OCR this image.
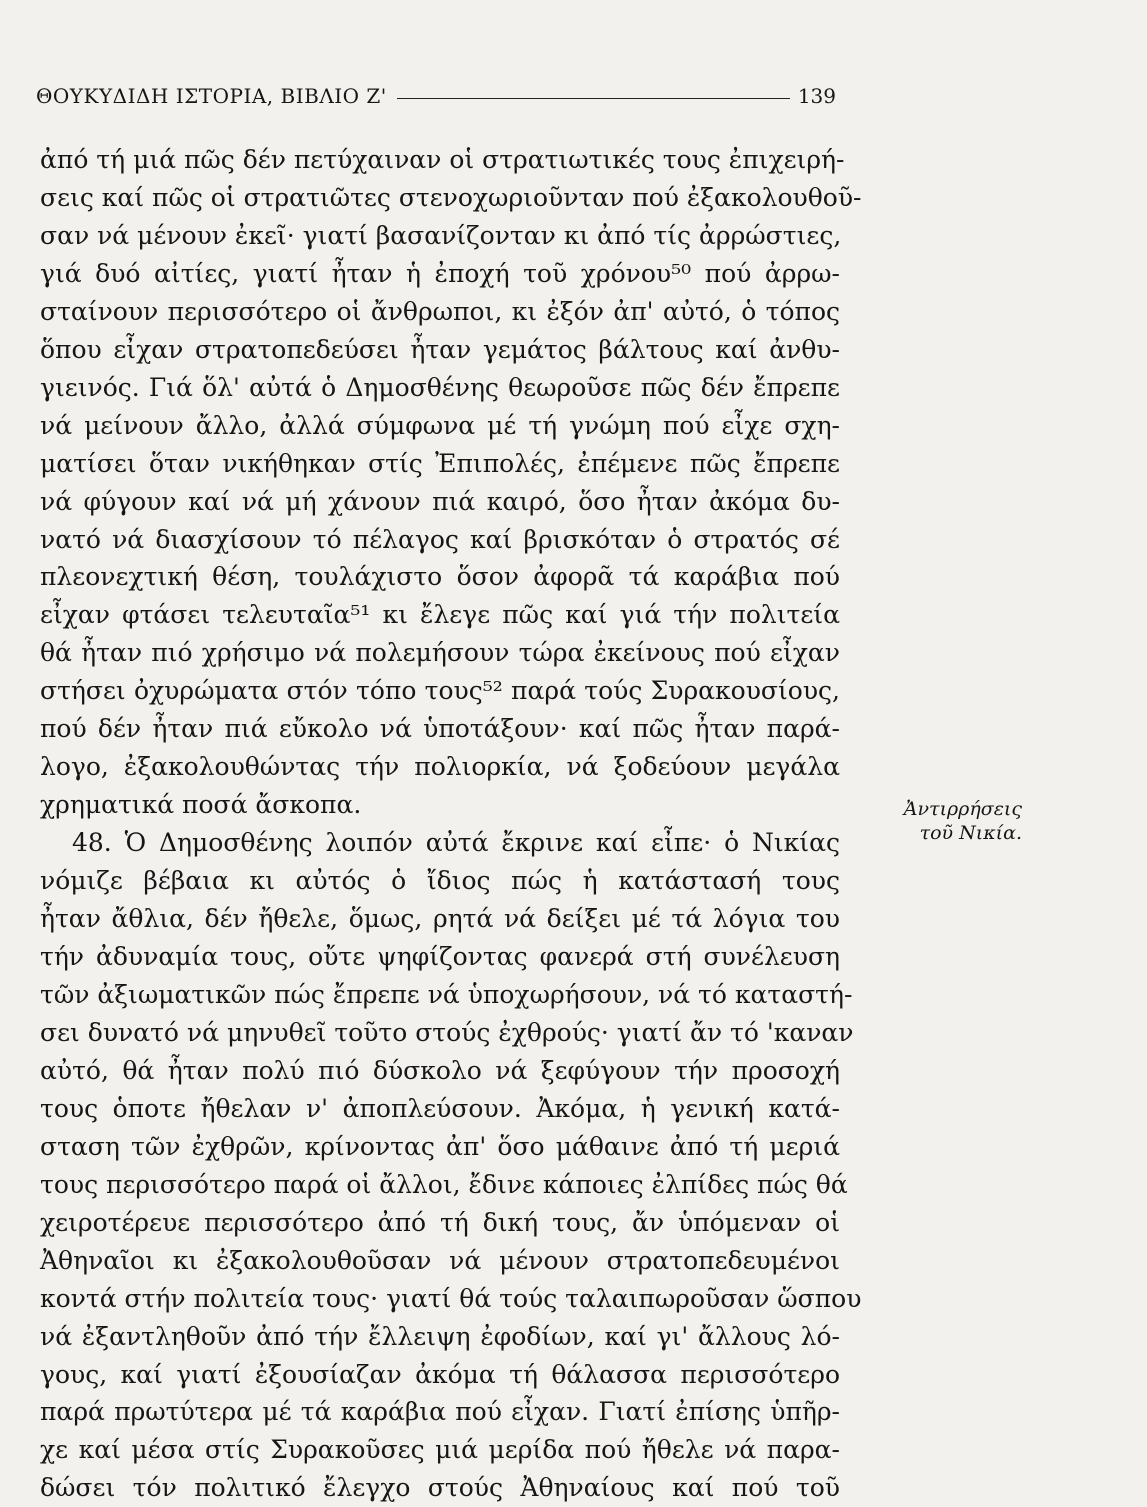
ΘΟΥΚΥΔΙΔΗ ΙΣΤΟΡΙΑ, ΒΙΒΛΙΟ Ζ'	139
ἀπό τή μιά πῶς δέν πετύχαιναν οἱ στρατιωτικές τους ἐπιχειρή-
σεις καί πῶς οἱ στρατιῶτες στενοχωριοῦνταν πού ἐξακολουθοῦ-
σαν νά μένουν ἐκεῖ· γιατί βασανίζονταν κι ἀπό τίς ἀρρώστιες,
γιά δυό αἰτίες, γιατί ἦταν ἡ ἐποχή τοῦ χρόνου⁵⁰ πού ἀρρω-
σταίνουν περισσότερο οἱ ἄνθρωποι, κι ἐξόν ἀπ' αὐτό, ὁ τόπος
ὅπου εἶχαν στρατοπεδεύσει ἦταν γεμάτος βάλτους καί ἀνθυ-
γιεινός. Γιά ὅλ' αὐτά ὁ Δημοσθένης θεωροῦσε πῶς δέν ἔπρεπε
νά μείνουν ἄλλο, ἀλλά σύμφωνα μέ τή γνώμη πού εἶχε σχη-
ματίσει ὅταν νικήθηκαν στίς Ἐπιπολές, ἐπέμενε πῶς ἔπρεπε
νά φύγουν καί νά μή χάνουν πιά καιρό, ὅσο ἦταν ἀκόμα δυ-
νατό νά διασχίσουν τό πέλαγος καί βρισκόταν ὁ στρατός σέ
πλεονεχτική θέση, τουλάχιστο ὅσον ἀφορᾶ τά καράβια πού
εἶχαν φτάσει τελευταῖα⁵¹ κι ἔλεγε πῶς καί γιά τήν πολιτεία
θά ἦταν πιό χρήσιμο νά πολεμήσουν τώρα ἐκείνους πού εἶχαν
στήσει ὀχυρώματα στόν τόπο τους⁵² παρά τούς Συρακουσίους,
πού δέν ἦταν πιά εὔκολο νά ὑποτάξουν· καί πῶς ἦταν παρά-
λογο, ἐξακολουθώντας τήν πολιορκία, νά ξοδεύουν μεγάλα
χρηματικά ποσά ἄσκοπα.
48. Ὁ Δημοσθένης λοιπόν αὐτά ἔκρινε καί εἶπε· ὁ Νικίας
νόμιζε βέβαια κι αὐτός ὁ ἴδιος πώς ἡ κατάστασή τους
ἦταν ἄθλια, δέν ἤθελε, ὅμως, ρητά νά δείξει μέ τά λόγια του
τήν ἀδυναμία τους, οὔτε ψηφίζοντας φανερά στή συνέλευση
τῶν ἀξιωματικῶν πώς ἔπρεπε νά ὑποχωρήσουν, νά τό καταστή-
σει δυνατό νά μηνυθεῖ τοῦτο στούς ἐχθρούς· γιατί ἄν τό 'καναν
αὐτό, θά ἦταν πολύ πιό δύσκολο νά ξεφύγουν τήν προσοχή
τους ὁποτε ἤθελαν ν' ἀποπλεύσουν. Ἀκόμα, ἡ γενική κατά-
σταση τῶν ἐχθρῶν, κρίνοντας ἀπ' ὅσο μάθαινε ἀπό τή μεριά
τους περισσότερο παρά οἱ ἄλλοι, ἔδινε κάποιες ἐλπίδες πώς θά
χειροτέρευε περισσότερο ἀπό τή δική τους, ἄν ὑπόμεναν οἱ
Ἀθηναῖοι κι ἐξακολουθοῦσαν νά μένουν στρατοπεδευμένοι
κοντά στήν πολιτεία τους· γιατί θά τούς ταλαιπωροῦσαν ὥσπου
νά ἐξαντληθοῦν ἀπό τήν ἔλλειψη ἐφοδίων, καί γι' ἄλλους λό-
γους, καί γιατί ἐξουσίαζαν ἀκόμα τή θάλασσα περισσότερο
παρά πρωτύτερα μέ τά καράβια πού εἶχαν. Γιατί ἐπίσης ὑπῆρ-
χε καί μέσα στίς Συρακοῦσες μιά μερίδα πού ἤθελε νά παρα-
δώσει τόν πολιτικό ἔλεγχο στούς Ἀθηναίους καί πού τοῦ
Ἀντιρρήσεις
τοῦ Νικία.
